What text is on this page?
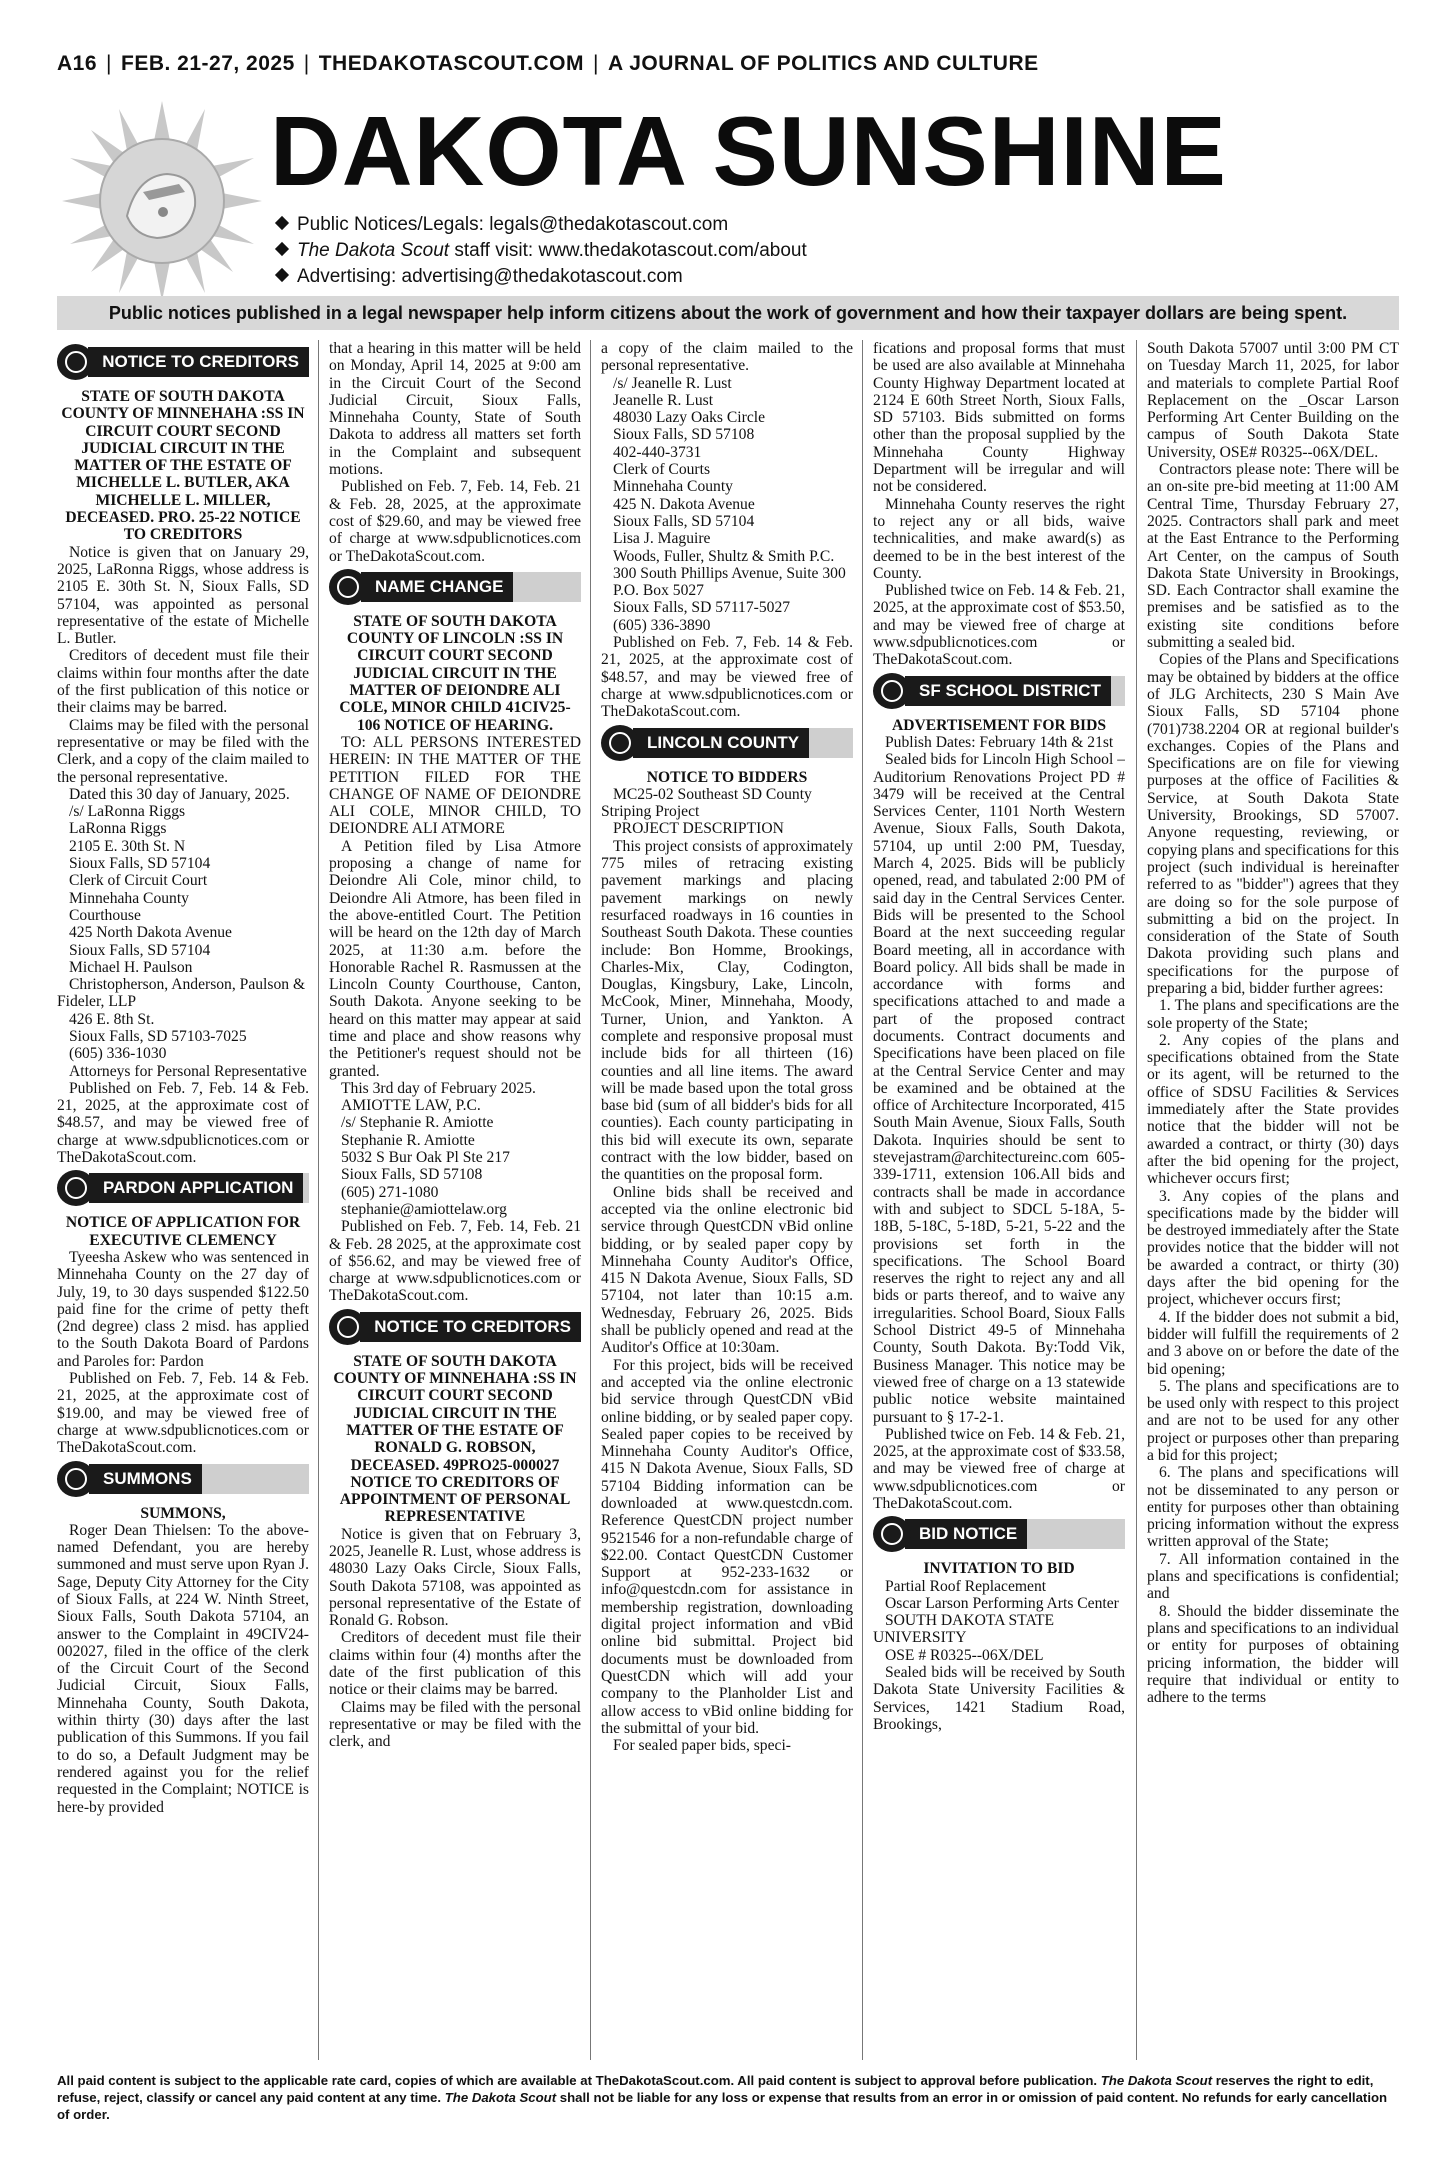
A16 | FEB. 21-27, 2025 | THEDAKOTASCOUT.COM | A JOURNAL OF POLITICS AND CULTURE
DAKOTA SUNSHINE
Public Notices/Legals: legals@thedakotascout.com
The Dakota Scout staff visit: www.thedakotascout.com/about
Advertising: advertising@thedakotascout.com
Public notices published in a legal newspaper help inform citizens about the work of government and how their taxpayer dollars are being spent.
NOTICE TO CREDITORS

STATE OF SOUTH DAKOTA COUNTY OF MINNEHAHA :SS IN CIRCUIT COURT SECOND JUDICIAL CIRCUIT IN THE MATTER OF THE ESTATE OF MICHELLE L. BUTLER, AKA MICHELLE L. MILLER, DECEASED. PRO. 25-22 NOTICE TO CREDITORS

Notice is given that on January 29, 2025, LaRonna Riggs, whose address is 2105 E. 30th St. N, Sioux Falls, SD 57104, was appointed as personal representative of the estate of Michelle L. Butler.

Creditors of decedent must file their claims within four months after the date of the first publication of this notice or their claims may be barred.

Claims may be filed with the personal representative or may be filed with the Clerk, and a copy of the claim mailed to the personal representative.

Dated this 30 day of January, 2025.

/s/ LaRonna Riggs

LaRonna Riggs

2105 E. 30th St. N

Sioux Falls, SD 57104

Clerk of Circuit Court

Minnehaha County

Courthouse

425 North Dakota Avenue

Sioux Falls, SD 57104

Michael H. Paulson

Christopherson, Anderson, Paulson & Fideler, LLP

426 E. 8th St.

Sioux Falls, SD 57103-7025

(605) 336-1030

Attorneys for Personal Representative

Published on Feb. 7, Feb. 14 & Feb. 21, 2025, at the approximate cost of $48.57, and may be viewed free of charge at www.sdpublicnotices.com or TheDakotaScout.com.

PARDON APPLICATION

NOTICE OF APPLICATION FOR EXECUTIVE CLEMENCY

Tyeesha Askew who was sentenced in Minnehaha County on the 27 day of July, 19, to 30 days suspended $122.50 paid fine for the crime of petty theft (2nd degree) class 2 misd. has applied to the South Dakota Board of Pardons and Paroles for: Pardon

Published on Feb. 7, Feb. 14 & Feb. 21, 2025, at the approximate cost of $19.00, and may be viewed free of charge at www.sdpublicnotices.com or TheDakotaScout.com.

SUMMONS

SUMMONS,

Roger Dean Thielsen: To the above-named Defendant, you are hereby summoned and must serve upon Ryan J. Sage, Deputy City Attorney for the City of Sioux Falls, at 224 W. Ninth Street, Sioux Falls, South Dakota 57104, an answer to the Complaint in 49CIV24-002027, filed in the office of the clerk of the Circuit Court of the Second Judicial Circuit, Sioux Falls, Minnehaha County, South Dakota, within thirty (30) days after the last publication of this Summons. If you fail to do so, a Default Judgment may be rendered against you for the relief requested in the Complaint; NOTICE is here-by provided

that a hearing in this matter will be held on Monday, April 14, 2025 at 9:00 am in the Circuit Court of the Second Judicial Circuit, Sioux Falls, Minnehaha County, State of South Dakota to address all matters set forth in the Complaint and subsequent motions.

Published on Feb. 7, Feb. 14, Feb. 21 & Feb. 28, 2025, at the approximate cost of $29.60, and may be viewed free of charge at www.sdpublicnotices.com or TheDakotaScout.com.

NAME CHANGE

STATE OF SOUTH DAKOTA COUNTY OF LINCOLN :SS IN CIRCUIT COURT SECOND JUDICIAL CIRCUIT IN THE MATTER OF DEIONDRE ALI COLE, MINOR CHILD 41CIV25-106 NOTICE OF HEARING.

TO: ALL PERSONS INTERESTED HEREIN: IN THE MATTER OF THE PETITION FILED FOR THE CHANGE OF NAME OF DEIONDRE ALI COLE, MINOR CHILD, TO DEIONDRE ALI ATMORE

A Petition filed by Lisa Atmore proposing a change of name for Deiondre Ali Cole, minor child, to Deiondre Ali Atmore, has been filed in the above-entitled Court. The Petition will be heard on the 12th day of March 2025, at 11:30 a.m. before the Honorable Rachel R. Rasmussen at the Lincoln County Courthouse, Canton, South Dakota. Anyone seeking to be heard on this matter may appear at said time and place and show reasons why the Petitioner's request should not be granted.

This 3rd day of February 2025.

AMIOTTE LAW, P.C.

/s/ Stephanie R. Amiotte

Stephanie R. Amiotte

5032 S Bur Oak Pl Ste 217

Sioux Falls, SD 57108

(605) 271-1080

stephanie@amiottelaw.org

Published on Feb. 7, Feb. 14, Feb. 21 & Feb. 28 2025, at the approximate cost of $56.62, and may be viewed free of charge at www.sdpublicnotices.com or TheDakotaScout.com.

NOTICE TO CREDITORS

STATE OF SOUTH DAKOTA COUNTY OF MINNEHAHA :SS IN CIRCUIT COURT SECOND JUDICIAL CIRCUIT IN THE MATTER OF THE ESTATE OF RONALD G. ROBSON, DECEASED. 49PRO25-000027 NOTICE TO CREDITORS OF APPOINTMENT OF PERSONAL REPRESENTATIVE

Notice is given that on February 3, 2025, Jeanelle R. Lust, whose address is 48030 Lazy Oaks Circle, Sioux Falls, South Dakota 57108, was appointed as personal representative of the Estate of Ronald G. Robson.

Creditors of decedent must file their claims within four (4) months after the date of the first publication of this notice or their claims may be barred.

Claims may be filed with the personal representative or may be filed with the clerk, and

a copy of the claim mailed to the personal representative.

/s/ Jeanelle R. Lust

Jeanelle R. Lust

48030 Lazy Oaks Circle

Sioux Falls, SD 57108

402-440-3731

Clerk of Courts

Minnehaha County

425 N. Dakota Avenue

Sioux Falls, SD 57104

Lisa J. Maguire

Woods, Fuller, Shultz & Smith P.C.

300 South Phillips Avenue, Suite 300

P.O. Box 5027

Sioux Falls, SD 57117-5027

(605) 336-3890

Published on Feb. 7, Feb. 14 & Feb. 21, 2025, at the approximate cost of $48.57, and may be viewed free of charge at www.sdpublicnotices.com or TheDakotaScout.com.

LINCOLN COUNTY

NOTICE TO BIDDERS

MC25-02 Southeast SD County Striping Project

PROJECT DESCRIPTION

This project consists of approximately 775 miles of retracing existing pavement markings and placing pavement markings on newly resurfaced roadways in 16 counties in Southeast South Dakota. These counties include: Bon Homme, Brookings, Charles-Mix, Clay, Codington, Douglas, Kingsbury, Lake, Lincoln, McCook, Miner, Minnehaha, Moody, Turner, Union, and Yankton. A complete and responsive proposal must include bids for all thirteen (16) counties and all line items. The award will be made based upon the total gross base bid (sum of all bidder's bids for all counties). Each county participating in this bid will execute its own, separate contract with the low bidder, based on the quantities on the proposal form.

Online bids shall be received and accepted via the online electronic bid service through QuestCDN vBid online bidding, or by sealed paper copy by Minnehaha County Auditor's Office, 415 N Dakota Avenue, Sioux Falls, SD 57104, not later than 10:15 a.m. Wednesday, February 26, 2025. Bids shall be publicly opened and read at the Auditor's Office at 10:30am.

For this project, bids will be received and accepted via the online electronic bid service through QuestCDN vBid online bidding, or by sealed paper copy. Sealed paper copies to be received by Minnehaha County Auditor's Office, 415 N Dakota Avenue, Sioux Falls, SD 57104 Bidding information can be downloaded at www.questcdn.com. Reference QuestCDN project number 9521546 for a non-refundable charge of $22.00. Contact QuestCDN Customer Support at 952-233-1632 or info@questcdn.com for assistance in membership registration, downloading digital project information and vBid online bid submittal. Project bid documents must be downloaded from QuestCDN which will add your company to the Planholder List and allow access to vBid online bidding for the submittal of your bid.

For sealed paper bids, speci-

fications and proposal forms that must be used are also available at Minnehaha County Highway Department located at 2124 E 60th Street North, Sioux Falls, SD 57103. Bids submitted on forms other than the proposal supplied by the Minnehaha County Highway Department will be irregular and will not be considered.

Minnehaha County reserves the right to reject any or all bids, waive technicalities, and make award(s) as deemed to be in the best interest of the County.

Published twice on Feb. 14 & Feb. 21, 2025, at the approximate cost of $53.50, and may be viewed free of charge at www.sdpublicnotices.com or TheDakotaScout.com.

SF SCHOOL DISTRICT

ADVERTISEMENT FOR BIDS

Publish Dates: February 14th & 21st

Sealed bids for Lincoln High School – Auditorium Renovations Project PD # 3479 will be received at the Central Services Center, 1101 North Western Avenue, Sioux Falls, South Dakota, 57104, up until 2:00 PM, Tuesday, March 4, 2025. Bids will be publicly opened, read, and tabulated 2:00 PM of said day in the Central Services Center. Bids will be presented to the School Board at the next succeeding regular Board meeting, all in accordance with Board policy. All bids shall be made in accordance with forms and specifications attached to and made a part of the proposed contract documents. Contract documents and Specifications have been placed on file at the Central Service Center and may be examined and be obtained at the office of Architecture Incorporated, 415 South Main Avenue, Sioux Falls, South Dakota. Inquiries should be sent to stevejastram@architectureinc.com 605-339-1711, extension 106.All bids and contracts shall be made in accordance with and subject to SDCL 5-18A, 5-18B, 5-18C, 5-18D, 5-21, 5-22 and the provisions set forth in the specifications. The School Board reserves the right to reject any and all bids or parts thereof, and to waive any irregularities. School Board, Sioux Falls School District 49-5 of Minnehaha County, South Dakota. By:Todd Vik, Business Manager. This notice may be viewed free of charge on a 13 statewide public notice website maintained pursuant to § 17-2-1.

Published twice on Feb. 14 & Feb. 21, 2025, at the approximate cost of $33.58, and may be viewed free of charge at www.sdpublicnotices.com or TheDakotaScout.com.

BID NOTICE

INVITATION TO BID

Partial Roof Replacement

Oscar Larson Performing Arts Center

SOUTH DAKOTA STATE UNIVERSITY

OSE # R0325--06X/DEL

Sealed bids will be received by South Dakota State University Facilities & Services, 1421 Stadium Road, Brookings,

South Dakota 57007 until 3:00 PM CT on Tuesday March 11, 2025, for labor and materials to complete Partial Roof Replacement on the _Oscar Larson Performing Art Center Building on the campus of South Dakota State University, OSE# R0325--06X/DEL.

Contractors please note: There will be an on-site pre-bid meeting at 11:00 AM Central Time, Thursday February 27, 2025. Contractors shall park and meet at the East Entrance to the Performing Art Center, on the campus of South Dakota State University in Brookings, SD. Each Contractor shall examine the premises and be satisfied as to the existing site conditions before submitting a sealed bid.

Copies of the Plans and Specifications may be obtained by bidders at the office of JLG Architects, 230 S Main Ave Sioux Falls, SD 57104 phone (701)738.2204 OR at regional builder's exchanges. Copies of the Plans and Specifications are on file for viewing purposes at the office of Facilities & Service, at South Dakota State University, Brookings, SD 57007. Anyone requesting, reviewing, or copying plans and specifications for this project (such individual is hereinafter referred to as "bidder") agrees that they are doing so for the sole purpose of submitting a bid on the project. In consideration of the State of South Dakota providing such plans and specifications for the purpose of preparing a bid, bidder further agrees:

1. The plans and specifications are the sole property of the State;

2. Any copies of the plans and specifications obtained from the State or its agent, will be returned to the office of SDSU Facilities & Services immediately after the State provides notice that the bidder will not be awarded a contract, or thirty (30) days after the bid opening for the project, whichever occurs first;

3. Any copies of the plans and specifications made by the bidder will be destroyed immediately after the State provides notice that the bidder will not be awarded a contract, or thirty (30) days after the bid opening for the project, whichever occurs first;

4. If the bidder does not submit a bid, bidder will fulfill the requirements of 2 and 3 above on or before the date of the bid opening;

5. The plans and specifications are to be used only with respect to this project and are not to be used for any other project or purposes other than preparing a bid for this project;

6. The plans and specifications will not be disseminated to any person or entity for purposes other than obtaining pricing information without the express written approval of the State;

7. All information contained in the plans and specifications is confidential; and

8. Should the bidder disseminate the plans and specifications to an individual or entity for purposes of obtaining pricing information, the bidder will require that individual or entity to adhere to the terms

All paid content is subject to the applicable rate card, copies of which are available at TheDakotaScout.com. All paid content is subject to approval before publication. The Dakota Scout reserves the right to edit, refuse, reject, classify or cancel any paid content at any time. The Dakota Scout shall not be liable for any loss or expense that results from an error in or omission of paid content. No refunds for early cancellation of order.
